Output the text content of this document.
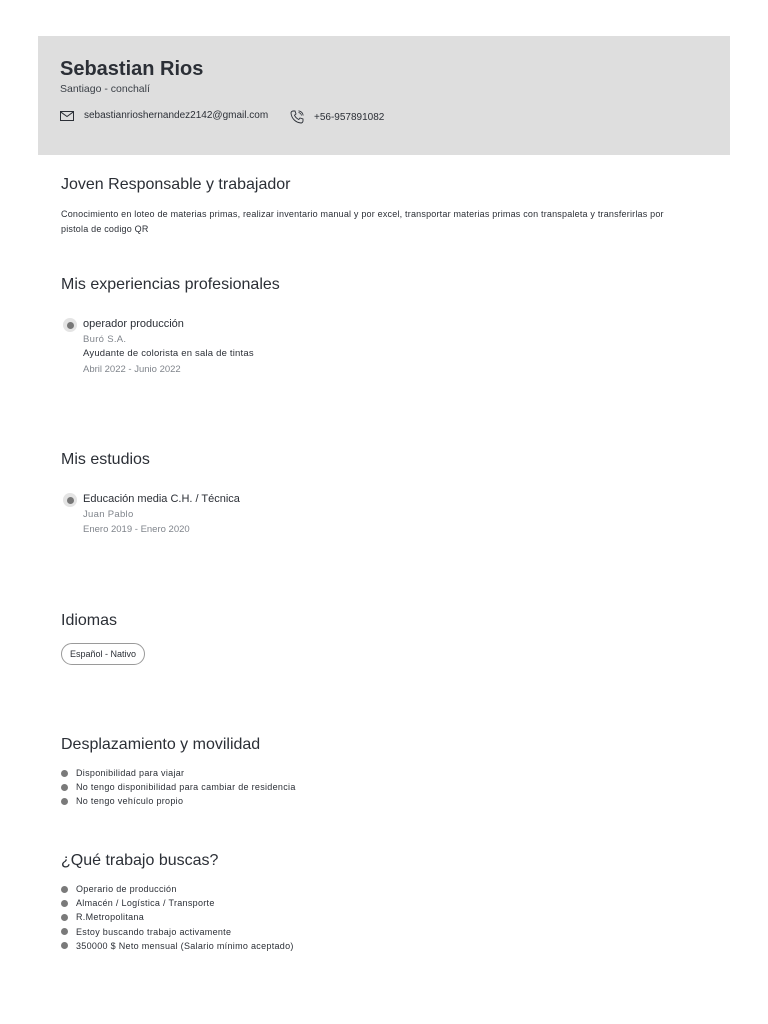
Sebastian Rios
Santiago - conchalí
sebastianrioshernandez2142@gmail.com	+56-957891082
Joven Responsable y trabajador
Conocimiento en loteo de materias primas, realizar inventario manual y por excel, transportar materias primas con transpaleta y transferirlas por pistola de codigo QR
Mis experiencias profesionales
operador producción
Buró S.A.
Ayudante de colorista en sala de tintas
Abril 2022 - Junio 2022
Mis estudios
Educación media C.H. / Técnica
Juan Pablo
Enero 2019 - Enero 2020
Idiomas
Español - Nativo
Desplazamiento y movilidad
Disponibilidad para viajar
No tengo disponibilidad para cambiar de residencia
No tengo vehículo propio
¿Qué trabajo buscas?
Operario de producción
Almacén / Logística / Transporte
R.Metropolitana
Estoy buscando trabajo activamente
350000 $ Neto mensual (Salario mínimo aceptado)
